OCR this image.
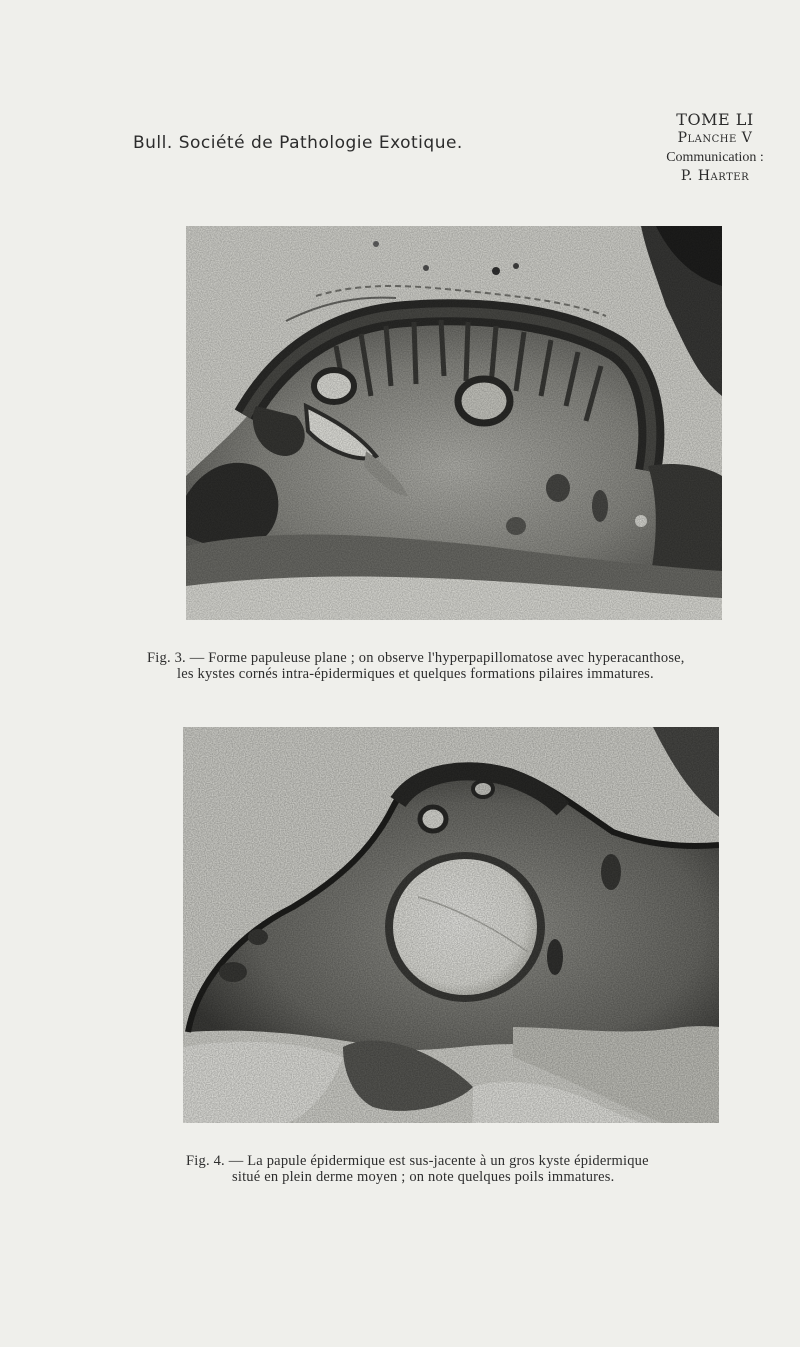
Bull. Société de Pathologie Exotique.
TOME LI
Planche V
Communication :
P. Harter
Fig. 3. — Forme papuleuse plane ; on observe l'hyperpapillomatose avec hyperacanthose,
les kystes cornés intra-épidermiques et quelques formations pilaires immatures.
Fig. 4. — La papule épidermique est sus-jacente à un gros kyste épidermique
situé en plein derme moyen ; on note quelques poils immatures.
